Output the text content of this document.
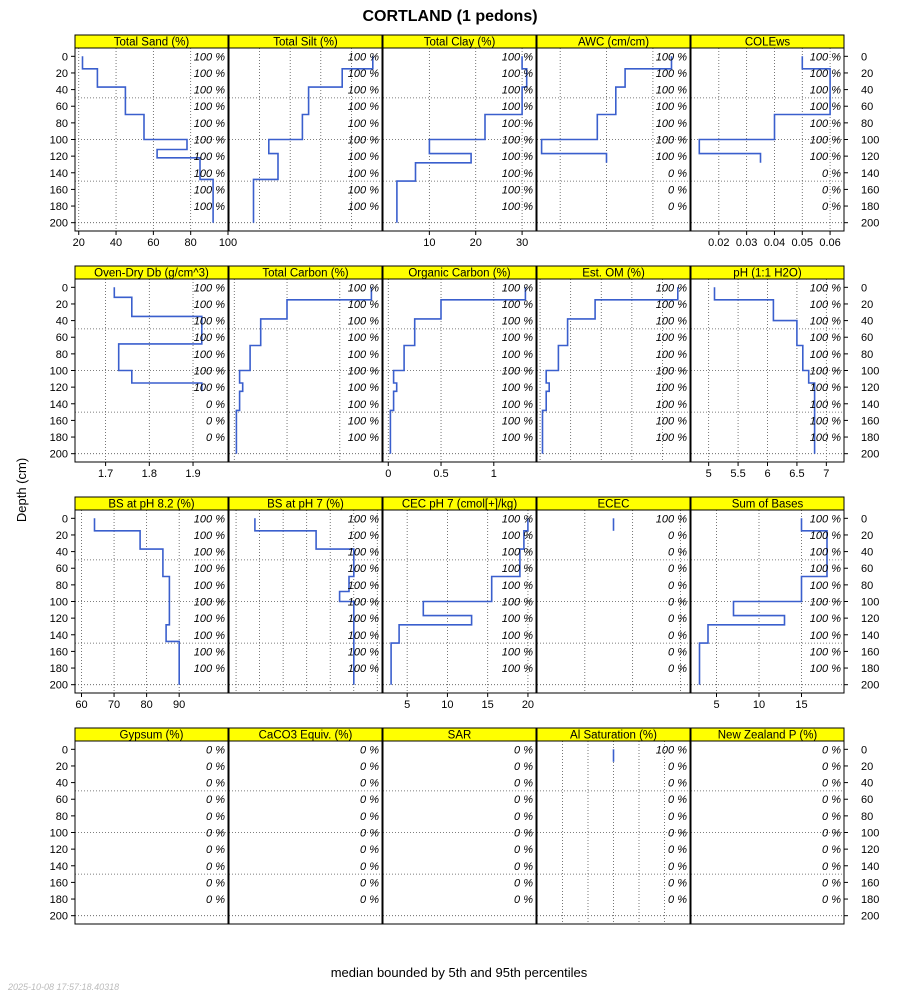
CORTLAND (1 pedons)
Depth (cm)
median bounded by 5th and 95th percentiles
2025-10-08 17:57:18.40318
Total Sand (%)
100 %
100 %
100 %
100 %
100 %
100 %
100 %
100 %
100 %
100 %
20 40 60 80 100
Total Silt (%)
100 %
100 %
100 %
100 %
100 %
100 %
100 %
100 %
100 %
100 %
Total Clay (%)
100 %
100 %
100 %
100 %
100 %
100 %
100 %
100 %
100 %
100 %
10	20	30
AWC (cm/cm)
100 %
100 %
100 %
100 %
100 %
100 %
100 %
0 %
0 %
0 %
COLEws
100 %
100 %
100 %
100 %
100 %
100 %
100 %
0 %
0 %
0 %
0.02 0.03 0.04 0.05 0.06
Oven-Dry Db (g/cm^3)
100 %
100 %
100 %
100 %
100 %
100 %
100 %
0 %
0 %
0 %
1.7	1.8	1.9
Total Carbon (%)
100 %
100 %
100 %
100 %
100 %
100 %
100 %
100 %
100 %
100 %
Organic Carbon (%)
100 %
100 %
100 %
100 %
100 %
100 %
100 %
100 %
100 %
100 %
0	0.5	1
Est. OM (%)
100 %
100 %
100 %
100 %
100 %
100 %
100 %
100 %
100 %
100 %
pH (1:1 H2O)
100 %
100 %
100 %
100 %
100 %
100 %
100 %
100 %
100 %
100 %
5 5.5 6 6.5 7
BS at pH 8.2 (%)
100 %
100 %
100 %
100 %
100 %
100 %
100 %
100 %
100 %
100 %
60 70 80 90
BS at pH 7 (%)
100 %
100 %
100 %
100 %
100 %
100 %
100 %
100 %
100 %
100 %
CEC pH 7 (cmol[+]/kg)
100 %
100 %
100 %
100 %
100 %
100 %
100 %
100 %
100 %
100 %
5	10	15	20
ECEC
100 %
0 %
0 %
0 %
0 %
0 %
0 %
0 %
0 %
0 %
Sum of Bases
100 %
100 %
100 %
100 %
100 %
100 %
100 %
100 %
100 %
100 %
5	10	15
Gypsum (%)
0 %
0 %
0 %
0 %
0 %
0 %
0 %
0 %
0 %
0 %
CaCO3 Equiv. (%)
0 %
0 %
0 %
0 %
0 %
0 %
0 %
0 %
0 %
0 %
SAR
0 %
0 %
0 %
0 %
0 %
0 %
0 %
0 %
0 %
0 %
Al Saturation (%)
100 %
0 %
0 %
0 %
0 %
0 %
0 %
0 %
0 %
0 %
New Zealand P (%)
0 %
0 %
0 %
0 %
0 %
0 %
0 %
0 %
0 %
0 %
0	0
20	20
40	40
60	60
80	80
100	100
120	120
140	140
160	160
180	180
200	200
0	0
20	20
40	40
60	60
80	80
100	100
120	120
140	140
160	160
180	180
200	200
0	0
20	20
40	40
60	60
80	80
100	100
120	120
140	140
160	160
180	180
200	200
0	0
20	20
40	40
60	60
80	80
100	100
120	120
140	140
160	160
180	180
200	200
